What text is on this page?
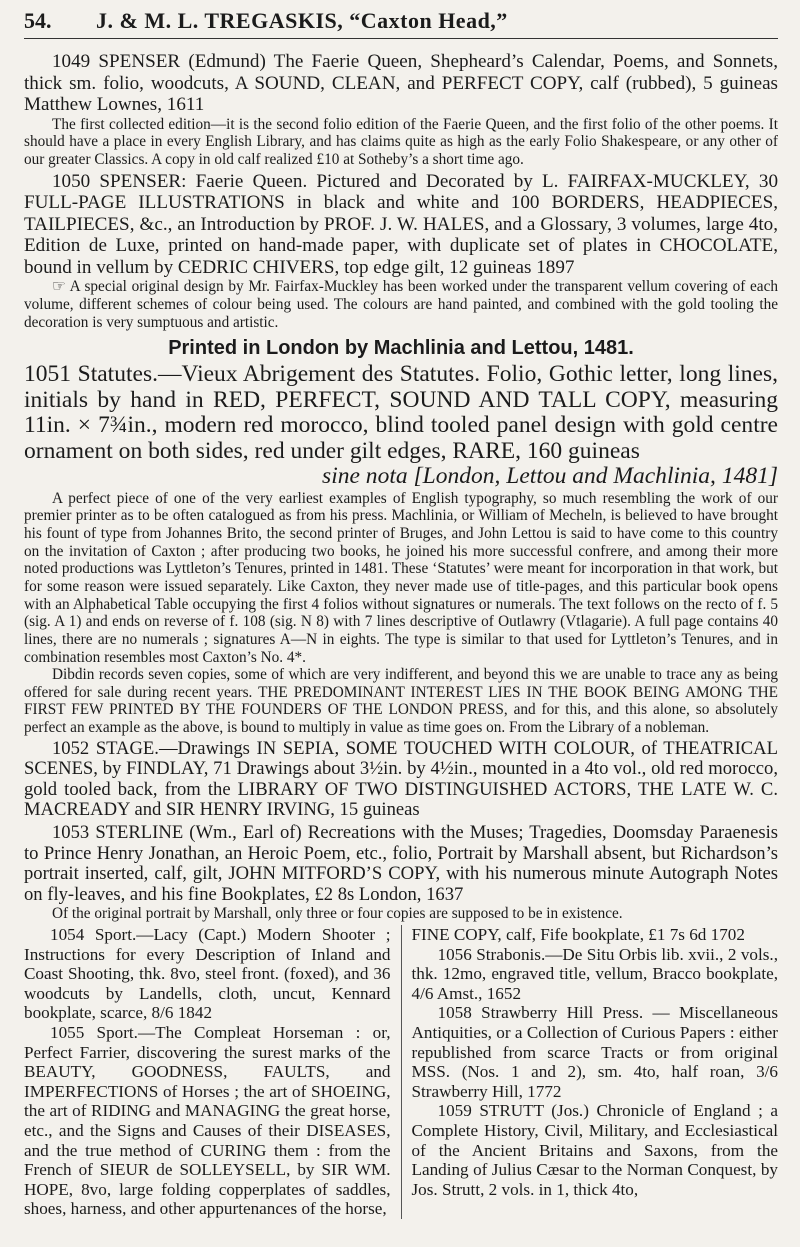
54.	J. & M. L. TREGASKIS, “Caxton Head,”

1049 SPENSER (Edmund) The Faerie Queen, Shepheard’s Calendar, Poems, and Sonnets, thick sm. folio, woodcuts, A SOUND, CLEAN, and PERFECT COPY, calf (rubbed), 5 guineas Matthew Lownes, 1611

The first collected edition—it is the second folio edition of the Faerie Queen, and the first folio of the other poems. It should have a place in every English Library, and has claims quite as high as the early Folio Shakespeare, or any other of our greater Classics. A copy in old calf realized £10 at Sotheby’s a short time ago.

1050 SPENSER: Faerie Queen. Pictured and Decorated by L. FAIRFAX-MUCKLEY, 30 FULL-PAGE ILLUSTRATIONS in black and white and 100 BORDERS, HEADPIECES, TAILPIECES, &c., an Introduction by PROF. J. W. HALES, and a Glossary, 3 volumes, large 4to, Edition de Luxe, printed on hand-made paper, with duplicate set of plates in CHOCOLATE, bound in vellum by CEDRIC CHIVERS, top edge gilt, 12 guineas 1897

☞ A special original design by Mr. Fairfax-Muckley has been worked under the transparent vellum covering of each volume, different schemes of colour being used. The colours are hand painted, and combined with the gold tooling the decoration is very sumptuous and artistic.

Printed in London by Machlinia and Lettou, 1481.

1051 Statutes.—Vieux Abrigement des Statutes. Folio, Gothic letter, long lines, initials by hand in RED, PERFECT, SOUND AND TALL COPY, measuring 11in. × 7¾in., modern red morocco, blind tooled panel design with gold centre ornament on both sides, red under gilt edges, RARE, 160 guineas

sine nota [London, Lettou and Machlinia, 1481]

A perfect piece of one of the very earliest examples of English typography, so much resembling the work of our premier printer as to be often catalogued as from his press. Machlinia, or William of Mecheln, is believed to have brought his fount of type from Johannes Brito, the second printer of Bruges, and John Lettou is said to have come to this country on the invitation of Caxton ; after producing two books, he joined his more successful confrere, and among their more noted productions was Lyttleton’s Tenures, printed in 1481. These ‘Statutes’ were meant for incorporation in that work, but for some reason were issued separately. Like Caxton, they never made use of title-pages, and this particular book opens with an Alphabetical Table occupying the first 4 folios without signatures or numerals. The text follows on the recto of f. 5 (sig. A 1) and ends on reverse of f. 108 (sig. N 8) with 7 lines descriptive of Outlawry (Vtlagarie). A full page contains 40 lines, there are no numerals ; signatures A—N in eights. The type is similar to that used for Lyttleton’s Tenures, and in combination resembles most Caxton’s No. 4*.

Dibdin records seven copies, some of which are very indifferent, and beyond this we are unable to trace any as being offered for sale during recent years. THE PREDOMINANT INTEREST LIES IN THE BOOK BEING AMONG THE FIRST FEW PRINTED BY THE FOUNDERS OF THE LONDON PRESS, and for this, and this alone, so absolutely perfect an example as the above, is bound to multiply in value as time goes on. From the Library of a nobleman.

1052 STAGE.—Drawings IN SEPIA, SOME TOUCHED WITH COLOUR, of THEATRICAL SCENES, by FINDLAY, 71 Drawings about 3½in. by 4½in., mounted in a 4to vol., old red morocco, gold tooled back, from the LIBRARY OF TWO DISTINGUISHED ACTORS, THE LATE W. C. MACREADY and SIR HENRY IRVING, 15 guineas

1053 STERLINE (Wm., Earl of) Recreations with the Muses; Tragedies, Doomsday Paraenesis to Prince Henry Jonathan, an Heroic Poem, etc., folio, Portrait by Marshall absent, but Richardson’s portrait inserted, calf, gilt, JOHN MITFORD’S COPY, with his numerous minute Autograph Notes on fly-leaves, and his fine Bookplates, £2 8s London, 1637

Of the original portrait by Marshall, only three or four copies are supposed to be in existence.

1054 Sport.—Lacy (Capt.) Modern Shooter ; Instructions for every Description of Inland and Coast Shooting, thk. 8vo, steel front. (foxed), and 36 woodcuts by Landells, cloth, uncut, Kennard bookplate, scarce, 8/6 1842

1055 Sport.—The Compleat Horseman : or, Perfect Farrier, discovering the surest marks of the BEAUTY, GOODNESS, FAULTS, and IMPERFECTIONS of Horses ; the art of SHOEING, the art of RIDING and MANAGING the great horse, etc., and the Signs and Causes of their DISEASES, and the true method of CURING them : from the French of SIEUR de SOLLEYSELL, by SIR WM. HOPE, 8vo, large folding copperplates of saddles, shoes, harness, and other appurtenances of the horse,

FINE COPY, calf, Fife bookplate, £1 7s 6d 1702

1056 Strabonis.—De Situ Orbis lib. xvii., 2 vols., thk. 12mo, engraved title, vellum, Bracco bookplate, 4/6 Amst., 1652

1058 Strawberry Hill Press. — Miscellaneous Antiquities, or a Collection of Curious Papers : either republished from scarce Tracts or from original MSS. (Nos. 1 and 2), sm. 4to, half roan, 3/6 Strawberry Hill, 1772

1059 STRUTT (Jos.) Chronicle of England ; a Complete History, Civil, Military, and Ecclesiastical of the Ancient Britains and Saxons, from the Landing of Julius Cæsar to the Norman Conquest, by Jos. Strutt, 2 vols. in 1, thick 4to,
